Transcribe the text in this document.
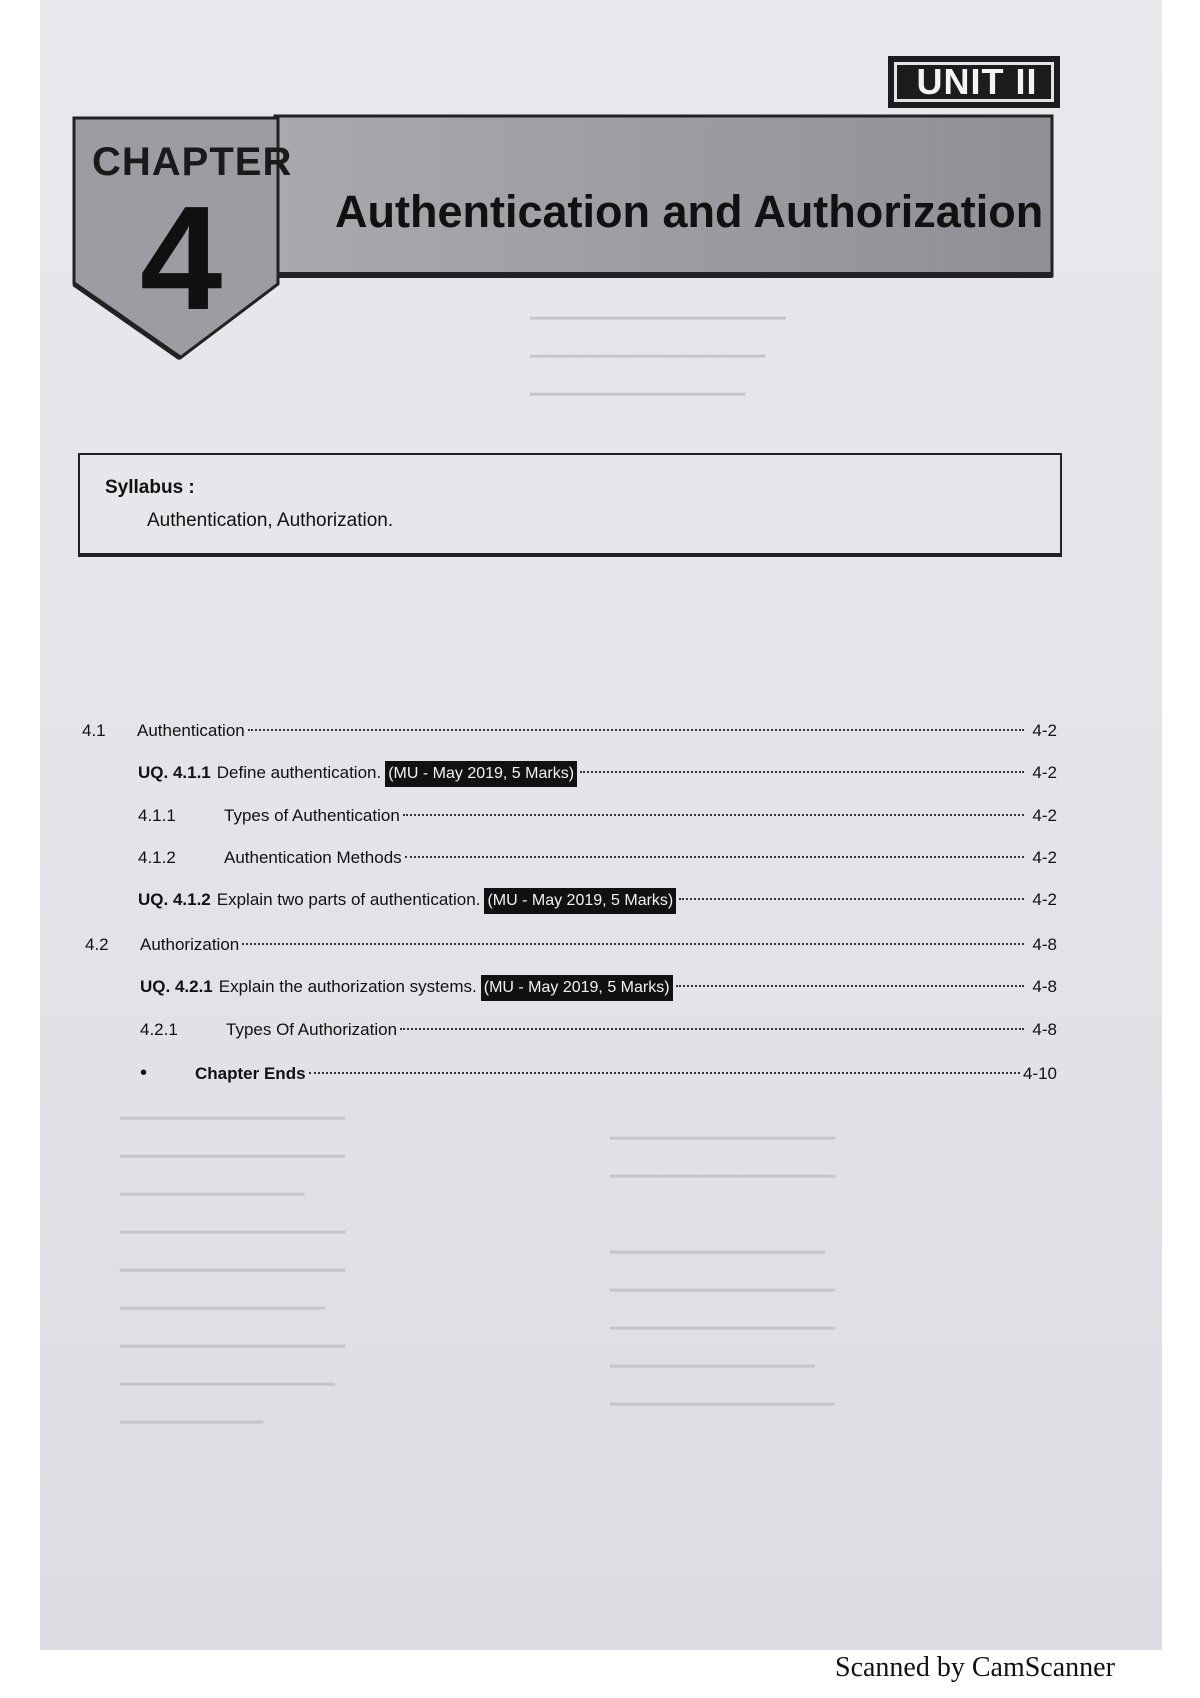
━━━━━━━━━━━━━━━━━━━━━━━━━
━━━━━━━━━━━━━━━━━━━━━━━
━━━━━━━━━━━━━━━━━━━━━

━━━━━━━━━━━━━━━━━━━━━━
━━━━━━━━━━━━━━━━━━━━━━
━━━━━━━━━━━━━━━━━━
━━━━━━━━━━━━━━━━━━━━━━
━━━━━━━━━━━━━━━━━━━━━━
━━━━━━━━━━━━━━━━━━━━
━━━━━━━━━━━━━━━━━━━━━━
━━━━━━━━━━━━━━━━━━━━━
━━━━━━━━━━━━━━
━━━━━━━━━━━━━━━━━━━━━━
━━━━━━━━━━━━━━━━━━━━━━

━━━━━━━━━━━━━━━━━━━━━
━━━━━━━━━━━━━━━━━━━━━━
━━━━━━━━━━━━━━━━━━━━━━
━━━━━━━━━━━━━━━━━━━━
━━━━━━━━━━━━━━━━━━━━━━
UNIT II
CHAPTER
4	Authentication and Authorization
Syllabus :
Authentication, Authorization.
4.1	Authentication	4-2
UQ. 4.1.1 Define authentication. (MU - May 2019, 5 Marks)	4-2
4.1.1	Types of Authentication	4-2
4.1.2	Authentication Methods	4-2
UQ. 4.1.2 Explain two parts of authentication. (MU - May 2019, 5 Marks)	4-2
4.2	Authorization	4-8
UQ. 4.2.1 Explain the authorization systems. (MU - May 2019, 5 Marks)	4-8
4.2.1	Types Of Authorization	4-8
•	Chapter Ends	4-10
Scanned by CamScanner
